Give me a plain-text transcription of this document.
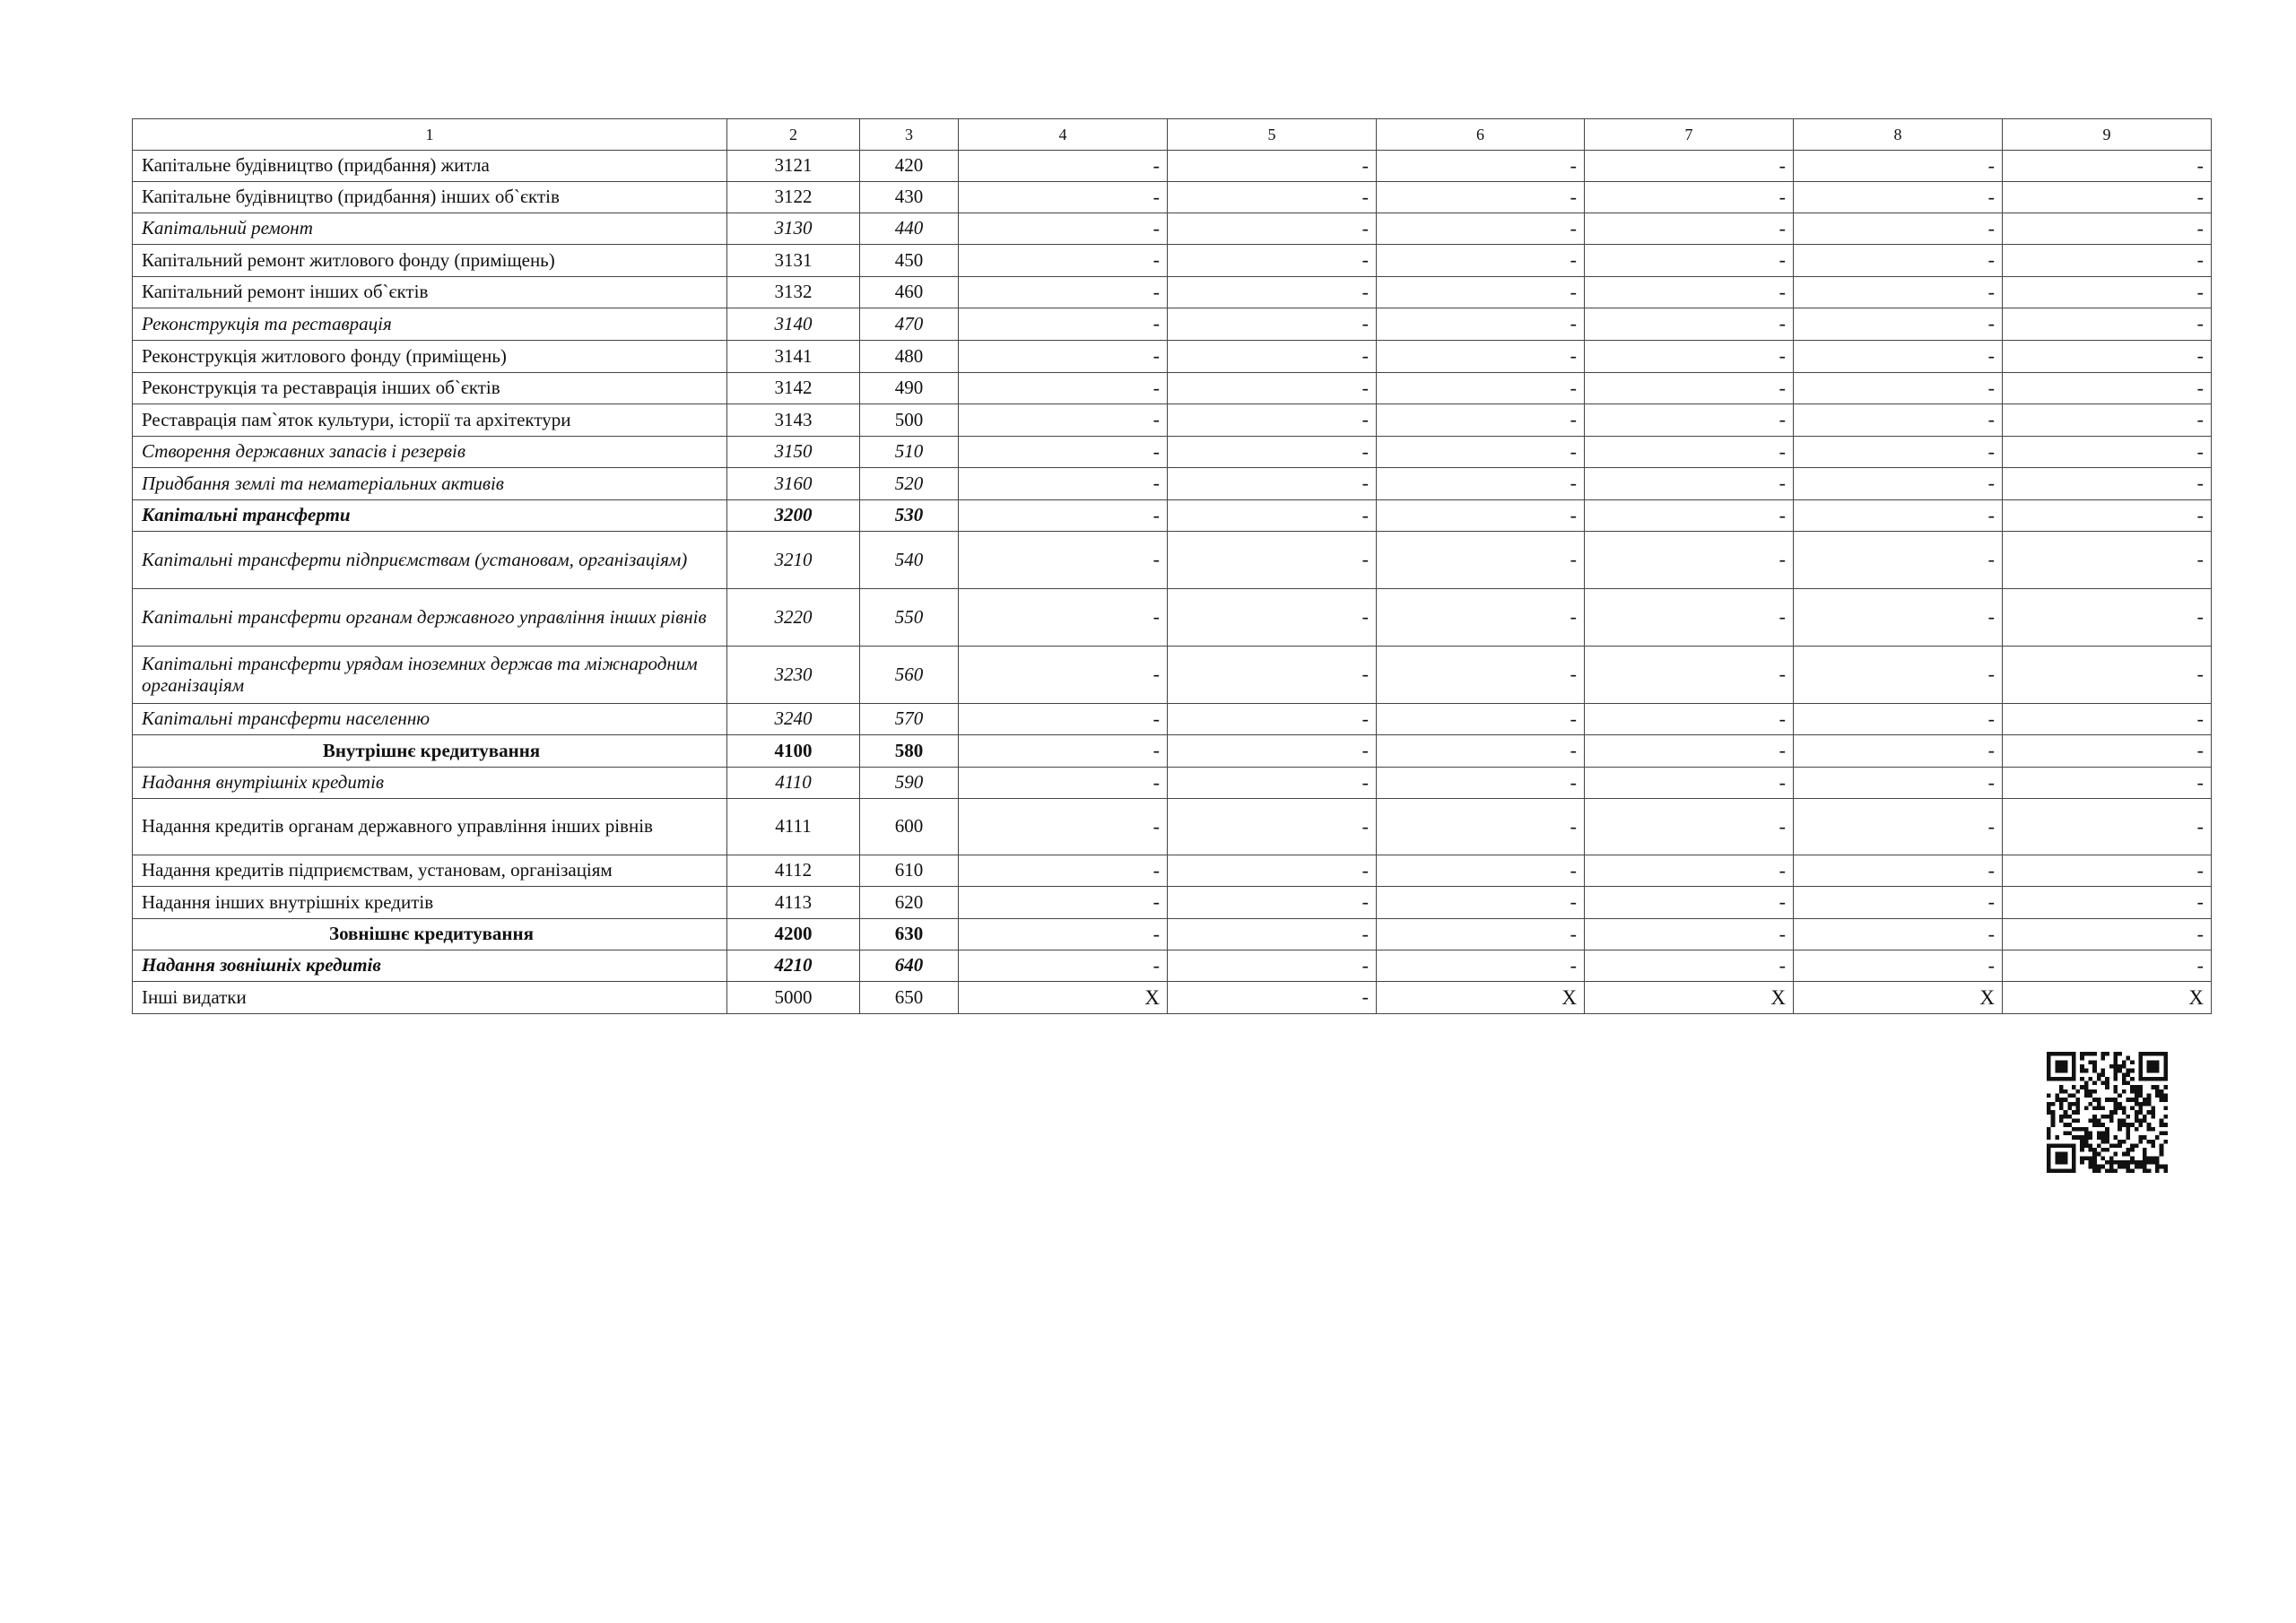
1	2	3	4	5	6	7	8	9
Капітальне будівництво (придбання) житла	3121	420	-	-	-	-	-	-
Капітальне будівництво (придбання) інших об`єктів	3122	430	-	-	-	-	-	-
Капітальний ремонт	3130	440	-	-	-	-	-	-
Капітальний ремонт житлового фонду (приміщень)	3131	450	-	-	-	-	-	-
Капітальний ремонт інших об`єктів	3132	460	-	-	-	-	-	-
Реконструкція та реставрація	3140	470	-	-	-	-	-	-
Реконструкція житлового фонду (приміщень)	3141	480	-	-	-	-	-	-
Реконструкція та реставрація інших об`єктів	3142	490	-	-	-	-	-	-
Реставрація пам`яток культури, історії та архітектури	3143	500	-	-	-	-	-	-
Створення державних запасів і резервів	3150	510	-	-	-	-	-	-
Придбання землі та нематеріальних активів	3160	520	-	-	-	-	-	-
Капітальні трансферти	3200	530	-	-	-	-	-	-
Капітальні трансферти підприємствам (установам, організаціям)	3210	540	-	-	-	-	-	-
Капітальні трансферти органам державного управління інших рівнів	3220	550	-	-	-	-	-	-
Капітальні трансферти урядам іноземних держав та міжнародним організаціям	3230	560	-	-	-	-	-	-
Капітальні трансферти населенню	3240	570	-	-	-	-	-	-
Внутрішнє кредитування	4100	580	-	-	-	-	-	-
Надання внутрішніх кредитів	4110	590	-	-	-	-	-	-
Надання кредитів органам державного управління інших рівнів	4111	600	-	-	-	-	-	-
Надання кредитів підприємствам, установам, організаціям	4112	610	-	-	-	-	-	-
Надання інших внутрішніх кредитів	4113	620	-	-	-	-	-	-
Зовнішнє кредитування	4200	630	-	-	-	-	-	-
Надання зовнішніх кредитів	4210	640	-	-	-	-	-	-
Інші видатки	5000	650	X	-	X	X	X	X
